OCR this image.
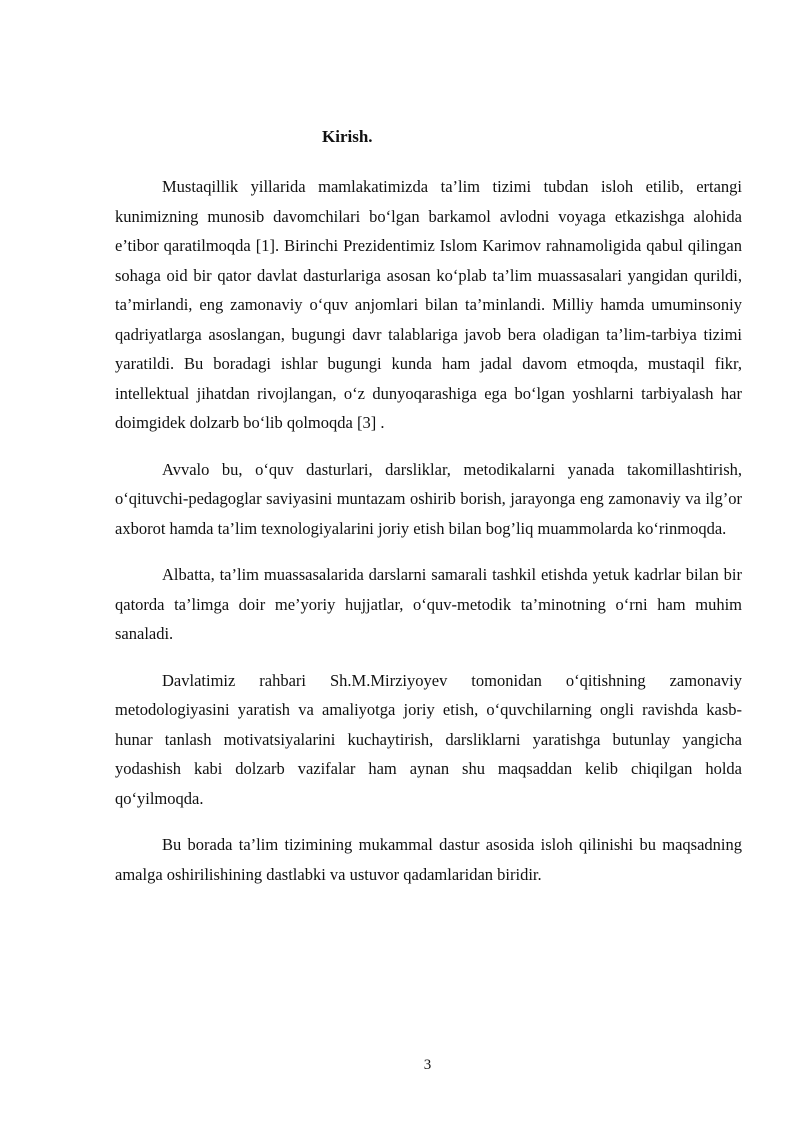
Kirish.

Mustaqillik yillarida mamlakatimizda ta’lim tizimi tubdan isloh etilib, ertangi kunimizning munosib davomchilari bo‘lgan barkamol avlodni voyaga etkazishga alohida e’tibor qaratilmoqda [1]. Birinchi Prezidentimiz Islom Karimov rahnamoligida qabul qilingan sohaga oid bir qator davlat dasturlariga asosan ko‘plab ta’lim muassasalari yangidan qurildi, ta’mirlandi, eng zamonaviy o‘quv anjomlari bilan ta’minlandi. Milliy hamda umuminsoniy qadriyatlarga asoslangan, bugungi davr talablariga javob bera oladigan ta’lim-tarbiya tizimi yaratildi. Bu boradagi ishlar bugungi kunda ham jadal davom etmoqda, mustaqil fikr, intellektual jihatdan rivojlangan, o‘z dunyoqarashiga ega bo‘lgan yoshlarni tarbiyalash har doimgidek dolzarb bo‘lib qolmoqda [3] .

Avvalo bu, o‘quv dasturlari, darsliklar, metodikalarni yanada takomillashtirish, o‘qituvchi-pedagoglar saviyasini muntazam oshirib borish, jarayonga eng zamonaviy va ilg’or axborot hamda ta’lim texnologiyalarini joriy etish bilan bog’liq muammolarda ko‘rinmoqda.

Albatta, ta’lim muassasalarida darslarni samarali tashkil etishda yetuk kadrlar bilan bir qatorda ta’limga doir me’yoriy hujjatlar, o‘quv-metodik ta’minotning o‘rni ham muhim sanaladi.

Davlatimiz rahbari Sh.M.Mirziyoyev tomonidan o‘qitishning zamonaviy metodologiyasini yaratish va amaliyotga joriy etish, o‘quvchilarning ongli ravishda kasb-hunar tanlash motivatsiyalarini kuchaytirish, darsliklarni yaratishga butunlay yangicha yodashish kabi dolzarb vazifalar ham aynan shu maqsaddan kelib chiqilgan holda qo‘yilmoqda.

Bu borada ta’lim tizimining mukammal dastur asosida isloh qilinishi bu maqsadning amalga oshirilishining dastlabki va ustuvor qadamlaridan biridir.

3
